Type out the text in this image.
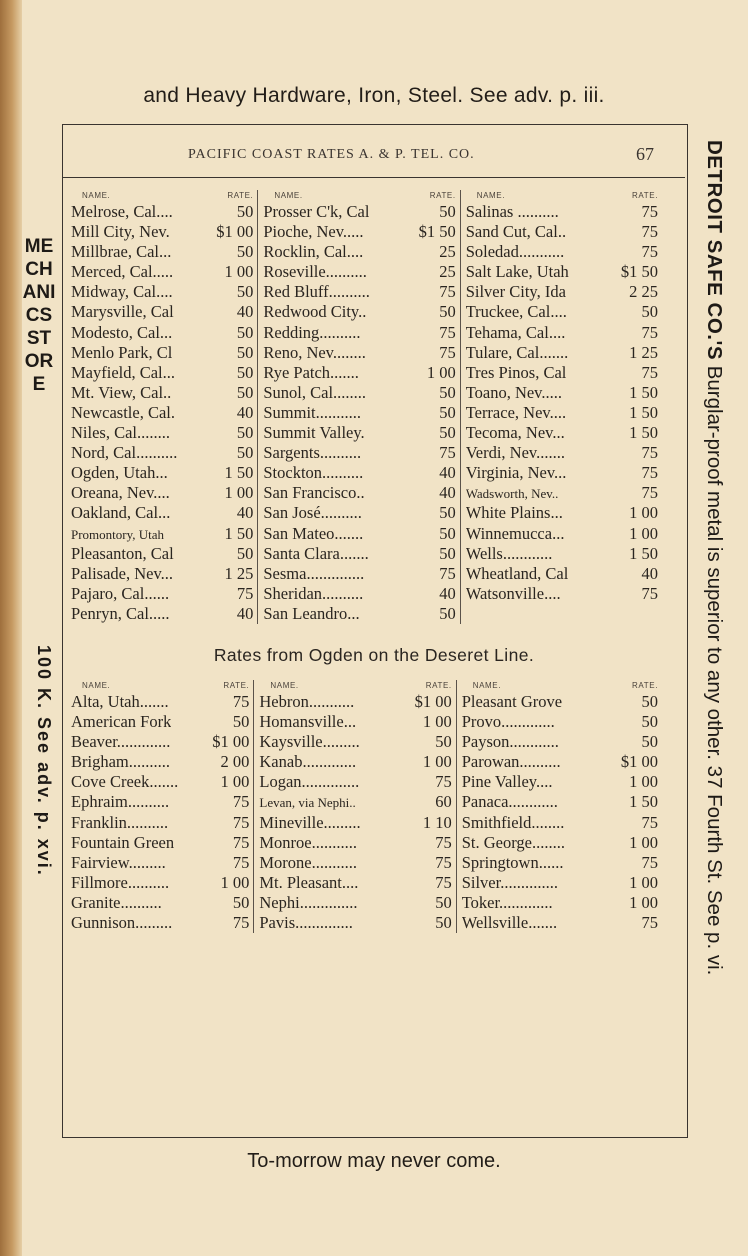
and Heavy Hardware, Iron, Steel. See adv. p. iii.
PACIFIC COAST RATES A. & P. TEL. CO.	67
NAME.	RATE.
Melrose, Cal....	50
Mill City, Nev.	$1 00
Millbrae, Cal...	50
Merced, Cal.....	1 00
Midway, Cal....	50
Marysville, Cal	40
Modesto, Cal...	50
Menlo Park, Cl	50
Mayfield, Cal...	50
Mt. View, Cal..	50
Newcastle, Cal.	40
Niles, Cal........	50
Nord, Cal..........	50
Ogden, Utah...	1 50
Oreana, Nev....	1 00
Oakland, Cal...	40
Promontory, Utah	1 50
Pleasanton, Cal	50
Palisade, Nev...	1 25
Pajaro, Cal......	75
Penryn, Cal.....	40
NAME.	RATE.
Prosser C'k, Cal	50
Pioche, Nev.....	$1 50
Rocklin, Cal....	25
Roseville..........	25
Red Bluff..........	75
Redwood City..	50
Redding..........	75
Reno, Nev........	75
Rye Patch.......	1 00
Sunol, Cal........	50
Summit...........	50
Summit Valley.	50
Sargents..........	75
Stockton..........	40
San Francisco..	40
San José..........	50
San Mateo.......	50
Santa Clara.......	50
Sesma..............	75
Sheridan..........	40
San Leandro...	50
NAME.	RATE.
Salinas ..........	75
Sand Cut, Cal..	75
Soledad...........	75
Salt Lake, Utah	$1 50
Silver City, Ida	2 25
Truckee, Cal....	50
Tehama, Cal....	75
Tulare, Cal.......	1 25
Tres Pinos, Cal	75
Toano, Nev.....	1 50
Terrace, Nev....	1 50
Tecoma, Nev...	1 50
Verdi, Nev.......	75
Virginia, Nev...	75
Wadsworth, Nev..	75
White Plains...	1 00
Winnemucca...	1 00
Wells............	1 50
Wheatland, Cal	40
Watsonville....	75
Rates from Ogden on the Deseret Line.
NAME.	RATE.
Alta, Utah.......	75
American Fork	50
Beaver.............	$1 00
Brigham..........	2 00
Cove Creek.......	1 00
Ephraim..........	75
Franklin..........	75
Fountain Green	75
Fairview.........	75
Fillmore..........	1 00
Granite..........	50
Gunnison.........	75
NAME.	RATE.
Hebron...........	$1 00
Homansville...	1 00
Kaysville.........	50
Kanab.............	1 00
Logan..............	75
Levan, via Nephi..	60
Mineville.........	1 10
Monroe...........	75
Morone...........	75
Mt. Pleasant....	75
Nephi..............	50
Pavis..............	50
NAME.	RATE.
Pleasant Grove	50
Provo.............	50
Payson............	50
Parowan..........	$1 00
Pine Valley....	1 00
Panaca............	1 50
Smithfield........	75
St. George........	1 00
Springtown......	75
Silver..............	1 00
Toker.............	1 00
Wellsville.......	75
To-morrow may never come.
MECHANICS STORE
100 K. See adv. p. xvi.
DETROIT SAFE CO.'S Burglar-proof metal is superior to any other. 37 Fourth St. See p. vi.
